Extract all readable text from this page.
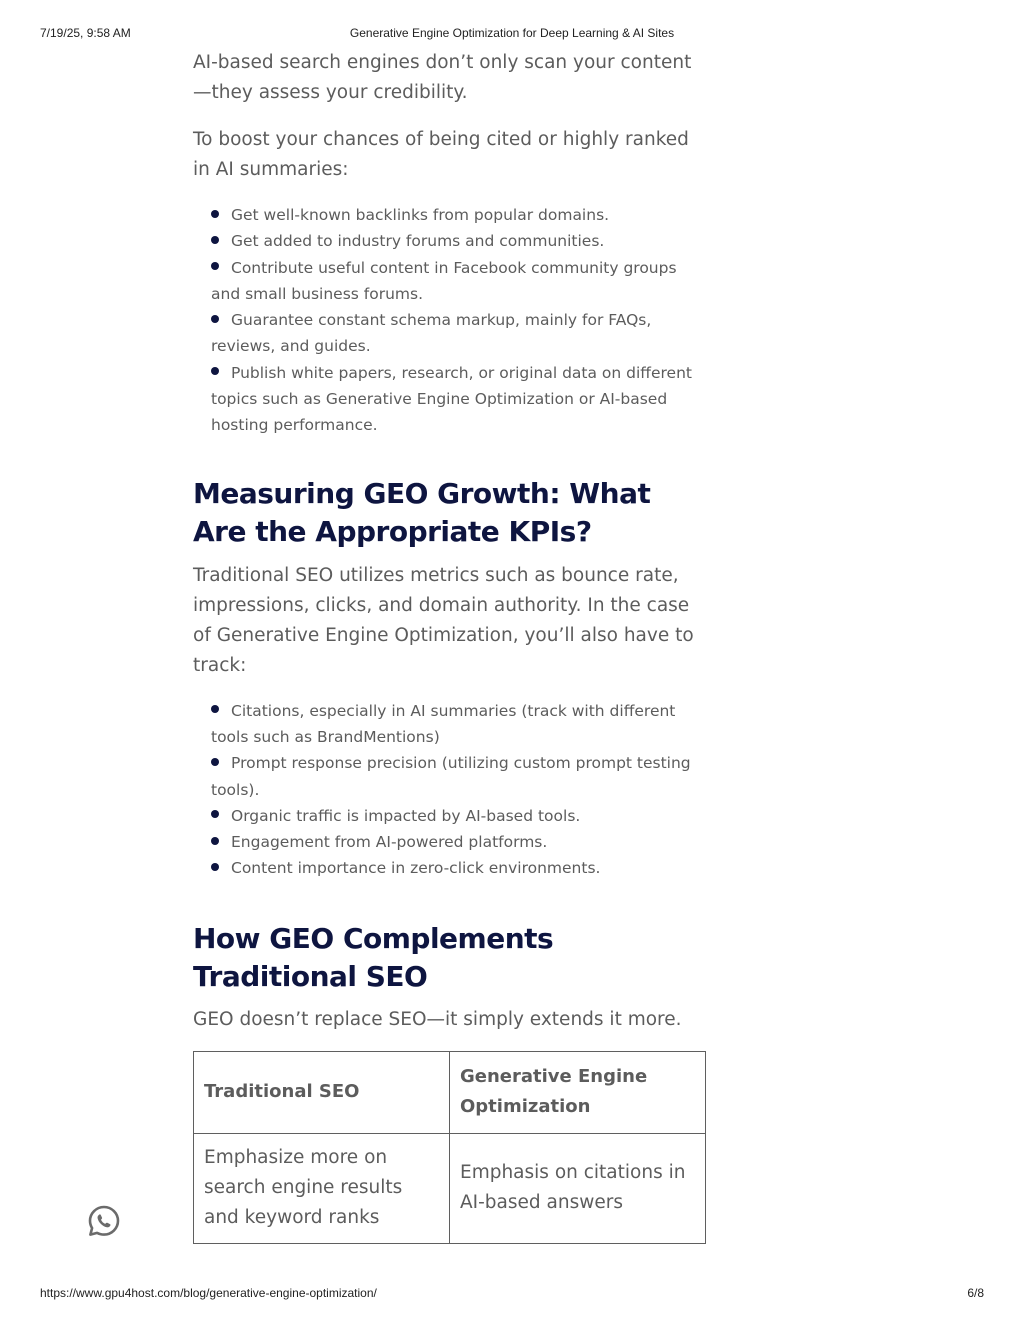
7/19/25, 9:58 AM	Generative Engine Optimization for Deep Learning & AI Sites

AI-based search engines don’t only scan your content —they assess your credibility.

To boost your chances of being cited or highly ranked in AI summaries:

Get well-known backlinks from popular domains.
Get added to industry forums and communities.
Contribute useful content in Facebook community groups and small business forums.
Guarantee constant schema markup, mainly for FAQs, reviews, and guides.
Publish white papers, research, or original data on different topics such as Generative Engine Optimization or AI-based hosting performance.
Measuring GEO Growth: What Are the Appropriate KPIs?

Traditional SEO utilizes metrics such as bounce rate, impressions, clicks, and domain authority. In the case of Generative Engine Optimization, you’ll also have to track:

Citations, especially in AI summaries (track with different tools such as BrandMentions)
Prompt response precision (utilizing custom prompt testing tools).
Organic traffic is impacted by AI-based tools.
Engagement from AI-powered platforms.
Content importance in zero-click environments.
How GEO Complements Traditional SEO

GEO doesn’t replace SEO—it simply extends it more.

Traditional SEO	Generative Engine Optimization
Emphasize more on search engine results and keyword ranks	Emphasis on citations in AI-based answers
https://www.gpu4host.com/blog/generative-engine-optimization/	6/8
